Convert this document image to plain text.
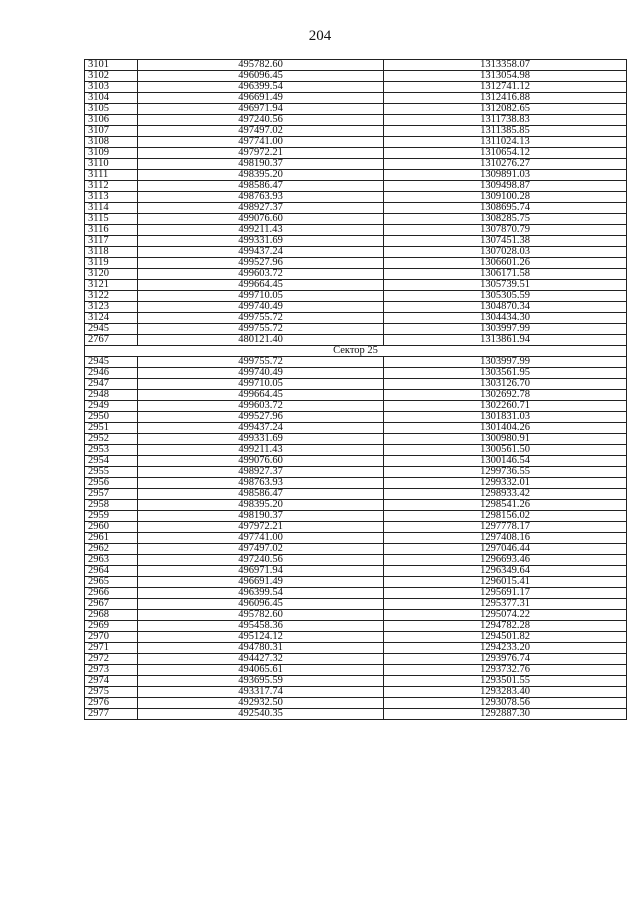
204
3101	495782.60	1313358.07
3102	496096.45	1313054.98
3103	496399.54	1312741.12
3104	496691.49	1312416.88
3105	496971.94	1312082.65
3106	497240.56	1311738.83
3107	497497.02	1311385.85
3108	497741.00	1311024.13
3109	497972.21	1310654.12
3110	498190.37	1310276.27
3111	498395.20	1309891.03
3112	498586.47	1309498.87
3113	498763.93	1309100.28
3114	498927.37	1308695.74
3115	499076.60	1308285.75
3116	499211.43	1307870.79
3117	499331.69	1307451.38
3118	499437.24	1307028.03
3119	499527.96	1306601.26
3120	499603.72	1306171.58
3121	499664.45	1305739.51
3122	499710.05	1305305.59
3123	499740.49	1304870.34
3124	499755.72	1304434.30
2945	499755.72	1303997.99
2767	480121.40	1313861.94
Сектор 25		
2945	499755.72	1303997.99
2946	499740.49	1303561.95
2947	499710.05	1303126.70
2948	499664.45	1302692.78
2949	499603.72	1302260.71
2950	499527.96	1301831.03
2951	499437.24	1301404.26
2952	499331.69	1300980.91
2953	499211.43	1300561.50
2954	499076.60	1300146.54
2955	498927.37	1299736.55
2956	498763.93	1299332.01
2957	498586.47	1298933.42
2958	498395.20	1298541.26
2959	498190.37	1298156.02
2960	497972.21	1297778.17
2961	497741.00	1297408.16
2962	497497.02	1297046.44
2963	497240.56	1296693.46
2964	496971.94	1296349.64
2965	496691.49	1296015.41
2966	496399.54	1295691.17
2967	496096.45	1295377.31
2968	495782.60	1295074.22
2969	495458.36	1294782.28
2970	495124.12	1294501.82
2971	494780.31	1294233.20
2972	494427.32	1293976.74
2973	494065.61	1293732.76
2974	493695.59	1293501.55
2975	493317.74	1293283.40
2976	492932.50	1293078.56
2977	492540.35	1292887.30
